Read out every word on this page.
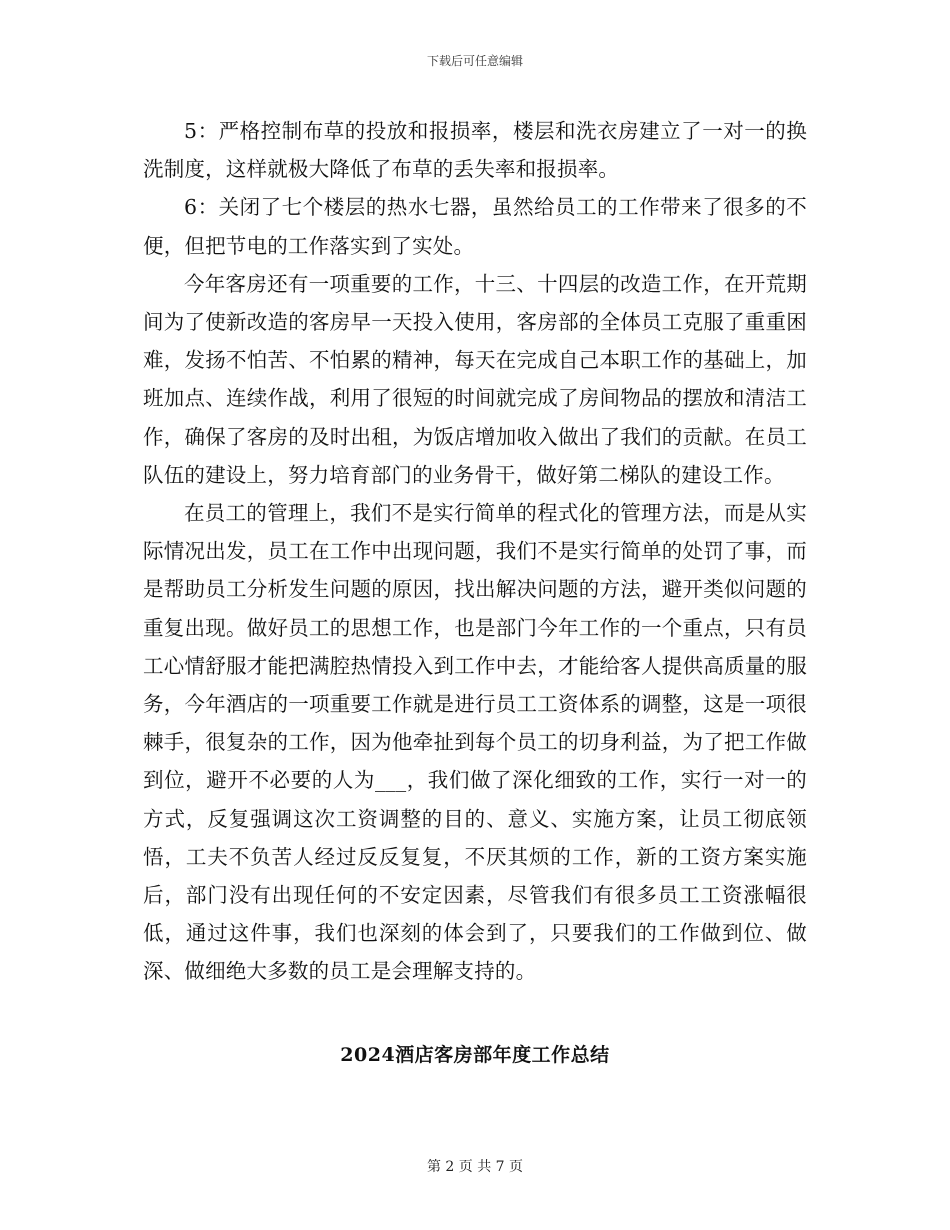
下载后可任意编辑

5：严格控制布草的投放和报损率，楼层和洗衣房建立了一对一的换洗制度，这样就极大降低了布草的丢失率和报损率。

6：关闭了七个楼层的热水七器，虽然给员工的工作带来了很多的不便，但把节电的工作落实到了实处。

今年客房还有一项重要的工作，十三、十四层的改造工作，在开荒期间为了使新改造的客房早一天投入使用，客房部的全体员工克服了重重困难，发扬不怕苦、不怕累的精神，每天在完成自己本职工作的基础上，加班加点、连续作战，利用了很短的时间就完成了房间物品的摆放和清洁工作，确保了客房的及时出租，为饭店增加收入做出了我们的贡献。在员工队伍的建设上，努力培育部门的业务骨干，做好第二梯队的建设工作。

在员工的管理上，我们不是实行简单的程式化的管理方法，而是从实际情况出发，员工在工作中出现问题，我们不是实行简单的处罚了事，而是帮助员工分析发生问题的原因，找出解决问题的方法，避开类似问题的重复出现。做好员工的思想工作，也是部门今年工作的一个重点，只有员工心情舒服才能把满腔热情投入到工作中去，才能给客人提供高质量的服务，今年酒店的一项重要工作就是进行员工工资体系的调整，这是一项很棘手，很复杂的工作，因为他牵扯到每个员工的切身利益，为了把工作做到位，避开不必要的人为___，我们做了深化细致的工作，实行一对一的方式，反复强调这次工资调整的目的、意义、实施方案，让员工彻底领悟，工夫不负苦人经过反反复复，不厌其烦的工作，新的工资方案实施后，部门没有出现任何的不安定因素，尽管我们有很多员工工资涨幅很低，通过这件事，我们也深刻的体会到了，只要我们的工作做到位、做深、做细绝大多数的员工是会理解支持的。

2024酒店客房部年度工作总结
第 2 页 共 7 页
